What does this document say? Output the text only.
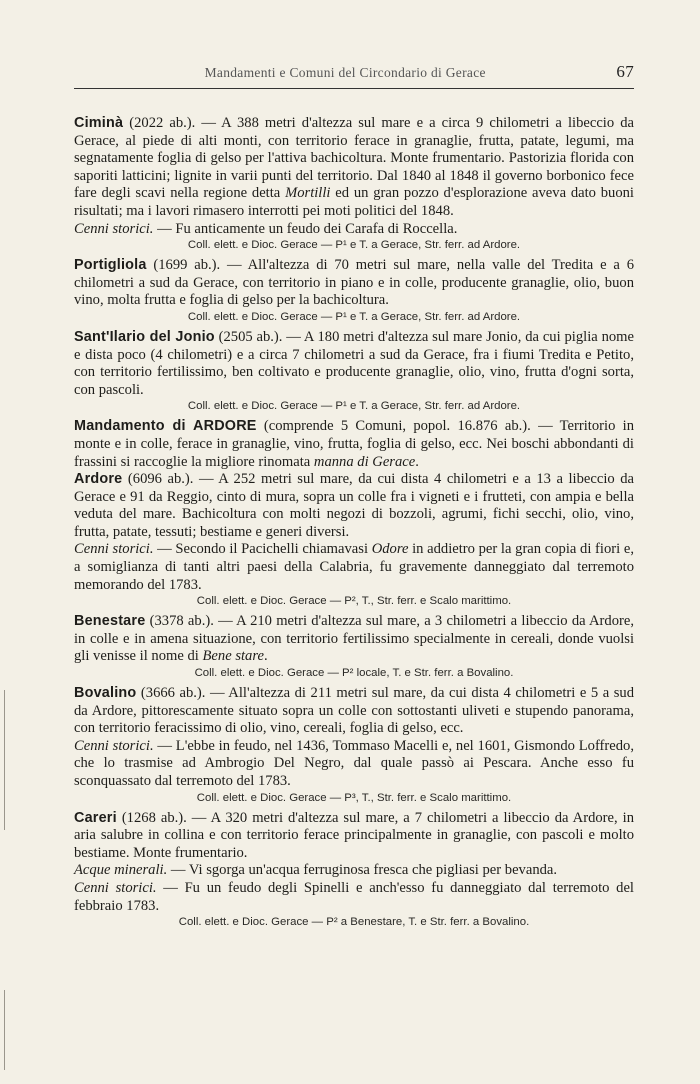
Mandamenti e Comuni del Circondario di Gerace	67

Ciminà (2022 ab.). — A 388 metri d'altezza sul mare e a circa 9 chilometri a libeccio da Gerace, al piede di alti monti, con territorio ferace in granaglie, frutta, patate, legumi, ma segnatamente foglia di gelso per l'attiva bachicoltura. Monte frumentario. Pastorizia florida con saporiti latticini; lignite in varii punti del territorio. Dal 1840 al 1848 il governo borbonico fece fare degli scavi nella regione detta Mortilli ed un gran pozzo d'esplorazione aveva dato buoni risultati; ma i lavori rimasero interrotti pei moti politici del 1848.

Cenni storici. — Fu anticamente un feudo dei Carafa di Roccella.

Coll. elett. e Dioc. Gerace — P¹ e T. a Gerace, Str. ferr. ad Ardore.

Portigliola (1699 ab.). — All'altezza di 70 metri sul mare, nella valle del Tredita e a 6 chilometri a sud da Gerace, con territorio in piano e in colle, producente granaglie, olio, buon vino, molta frutta e foglia di gelso per la bachicoltura.

Coll. elett. e Dioc. Gerace — P¹ e T. a Gerace, Str. ferr. ad Ardore.

Sant'Ilario del Jonio (2505 ab.). — A 180 metri d'altezza sul mare Jonio, da cui piglia nome e dista poco (4 chilometri) e a circa 7 chilometri a sud da Gerace, fra i fiumi Tredita e Petito, con territorio fertilissimo, ben coltivato e producente granaglie, olio, vino, frutta d'ogni sorta, con pascoli.

Coll. elett. e Dioc. Gerace — P¹ e T. a Gerace, Str. ferr. ad Ardore.

Mandamento di ARDORE (comprende 5 Comuni, popol. 16.876 ab.). — Territorio in monte e in colle, ferace in granaglie, vino, frutta, foglia di gelso, ecc. Nei boschi abbondanti di frassini si raccoglie la migliore rinomata manna di Gerace.

Ardore (6096 ab.). — A 252 metri sul mare, da cui dista 4 chilometri e a 13 a libeccio da Gerace e 91 da Reggio, cinto di mura, sopra un colle fra i vigneti e i frutteti, con ampia e bella veduta del mare. Bachicoltura con molti negozi di bozzoli, agrumi, fichi secchi, olio, vino, frutta, patate, tessuti; bestiame e generi diversi.

Cenni storici. — Secondo il Pacichelli chiamavasi Odore in addietro per la gran copia di fiori e, a somiglianza di tanti altri paesi della Calabria, fu gravemente danneggiato dal terremoto memorando del 1783.

Coll. elett. e Dioc. Gerace — P², T., Str. ferr. e Scalo marittimo.

Benestare (3378 ab.). — A 210 metri d'altezza sul mare, a 3 chilometri a libeccio da Ardore, in colle e in amena situazione, con territorio fertilissimo specialmente in cereali, donde vuolsi gli venisse il nome di Bene stare.

Coll. elett. e Dioc. Gerace — P² locale, T. e Str. ferr. a Bovalino.

Bovalino (3666 ab.). — All'altezza di 211 metri sul mare, da cui dista 4 chilometri e 5 a sud da Ardore, pittorescamente situato sopra un colle con sottostanti uliveti e stupendo panorama, con territorio feracissimo di olio, vino, cereali, foglia di gelso, ecc.

Cenni storici. — L'ebbe in feudo, nel 1436, Tommaso Macelli e, nel 1601, Gismondo Loffredo, che lo trasmise ad Ambrogio Del Negro, dal quale passò ai Pescara. Anche esso fu sconquassato dal terremoto del 1783.

Coll. elett. e Dioc. Gerace — P³, T., Str. ferr. e Scalo marittimo.

Careri (1268 ab.). — A 320 metri d'altezza sul mare, a 7 chilometri a libeccio da Ardore, in aria salubre in collina e con territorio ferace principalmente in granaglie, con pascoli e molto bestiame. Monte frumentario.

Acque minerali. — Vi sgorga un'acqua ferruginosa fresca che pigliasi per bevanda.

Cenni storici. — Fu un feudo degli Spinelli e anch'esso fu danneggiato dal terremoto del febbraio 1783.

Coll. elett. e Dioc. Gerace — P² a Benestare, T. e Str. ferr. a Bovalino.
